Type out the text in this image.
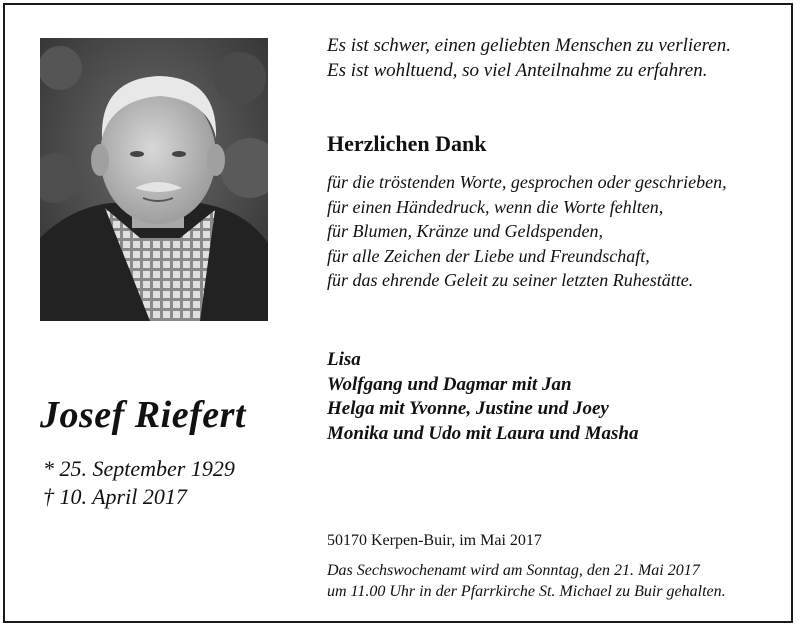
Josef Riefert
* 25. September 1929
† 10. April 2017
Es ist schwer, einen geliebten Menschen zu verlieren.
Es ist wohltuend, so viel Anteilnahme zu erfahren.
Herzlichen Dank
für die tröstenden Worte, gesprochen oder geschrieben,
für einen Händedruck, wenn die Worte fehlten,
für Blumen, Kränze und Geldspenden,
für alle Zeichen der Liebe und Freundschaft,
für das ehrende Geleit zu seiner letzten Ruhestätte.
Lisa
Wolfgang und Dagmar mit Jan
Helga mit Yvonne, Justine und Joey
Monika und Udo mit Laura und Masha
50170 Kerpen-Buir, im Mai 2017
Das Sechswochenamt wird am Sonntag, den 21. Mai 2017
um 11.00 Uhr in der Pfarrkirche St. Michael zu Buir gehalten.
